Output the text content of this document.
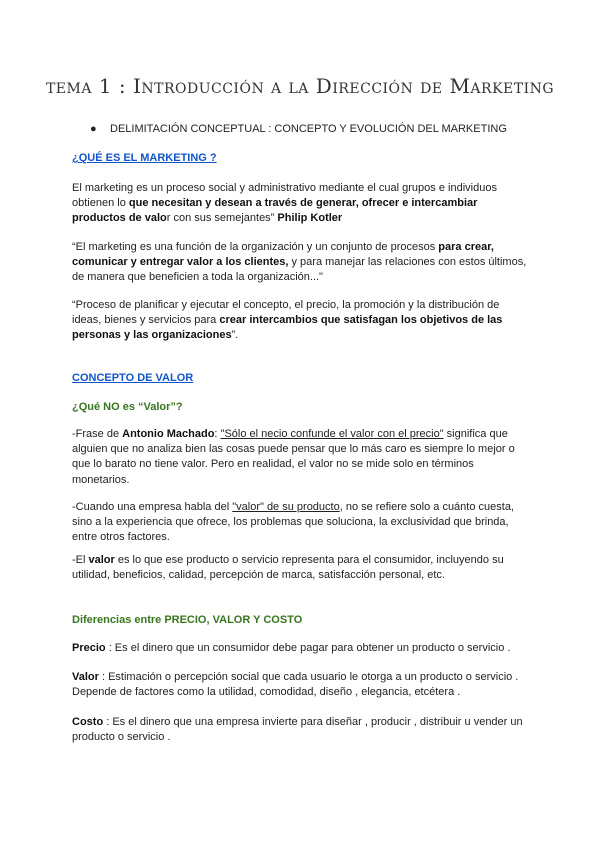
tema 1 : Introducción a la Dirección de Marketing
● DELIMITACIÓN CONCEPTUAL : CONCEPTO Y EVOLUCIÓN DEL MARKETING
¿QUÉ ES EL MARKETING ?
El marketing es un proceso social y administrativo mediante el cual grupos e individuos obtienen lo que necesitan y desean a través de generar, ofrecer e intercambiar productos de valor con sus semejantes” Philip Kotler
“El marketing es una función de la organización y un conjunto de procesos para crear, comunicar y entregar valor a los clientes, y para manejar las relaciones con estos últimos, de manera que beneficien a toda la organización..."
“Proceso de planificar y ejecutar el concepto, el precio, la promoción y la distribución de ideas, bienes y servicios para crear intercambios que satisfagan los objetivos de las personas y las organizaciones”.
CONCEPTO DE VALOR
¿Qué NO es “Valor”?
-Frase de Antonio Machado: "Sólo el necio confunde el valor con el precio" significa que alguien que no analiza bien las cosas puede pensar que lo más caro es siempre lo mejor o que lo barato no tiene valor. Pero en realidad, el valor no se mide solo en términos monetarios.
-Cuando una empresa habla del "valor" de su producto, no se refiere solo a cuánto cuesta, sino a la experiencia que ofrece, los problemas que soluciona, la exclusividad que brinda, entre otros factores.
-El valor es lo que ese producto o servicio representa para el consumidor, incluyendo su utilidad, beneficios, calidad, percepción de marca, satisfacción personal, etc.
Diferencias entre PRECIO, VALOR Y COSTO
Precio : Es el dinero que un consumidor debe pagar para obtener un producto o servicio .
Valor : Estimación o percepción social que cada usuario le otorga a un producto o servicio . Depende de factores como la utilidad, comodidad, diseño , elegancia, etcétera .
Costo : Es el dinero que una empresa invierte para diseñar , producir , distribuir u vender un producto o servicio .
